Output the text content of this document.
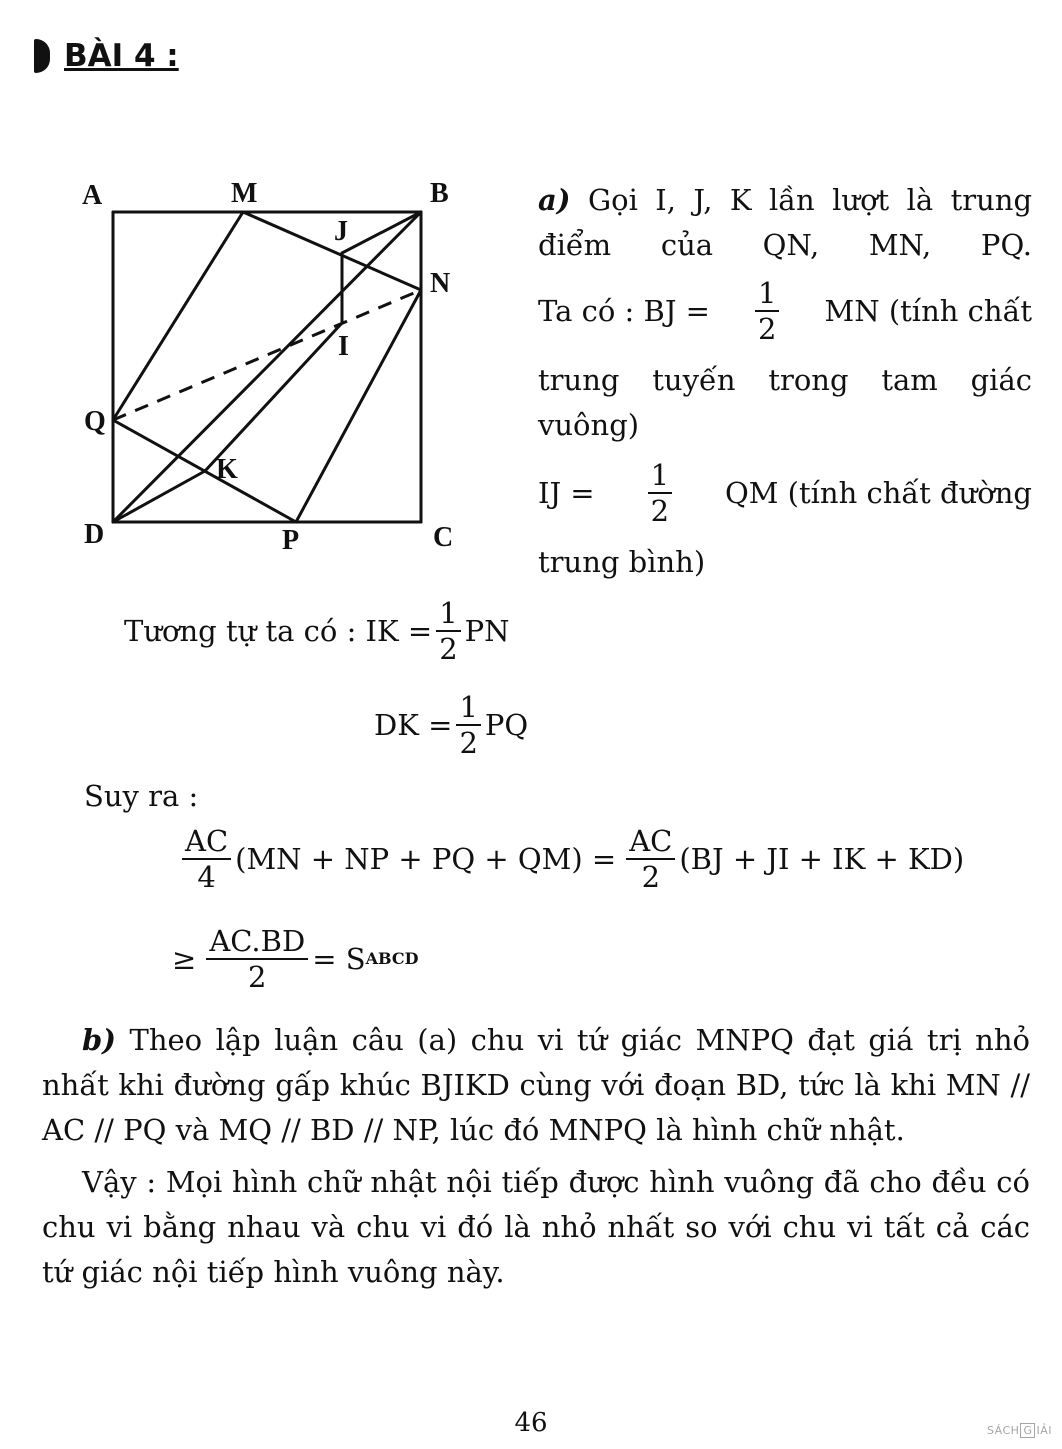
BÀI 4 :
A	M	B
J
N
I
Q
K
D	P	C
a) Gọi I, J, K lần lượt là trung điểm của QN, MN, PQ.
Ta có : BJ = $\frac{1}{2}$ MN (tính chất
trung tuyến trong tam giác vuông)
IJ = $\frac{1}{2}$ QM (tính chất đường
trung bình)
Tương tự ta có : IK = $\frac{1}{2}$ PN
DK = $\frac{1}{2}$ PQ
Suy ra :
$\frac{AC}{4} (MN$ + NP + PQ + $QM) = \frac{AC}{2} (BJ$ + JI + IK + KD)
≥ $\frac{AC.BD}{2} = S$ ABCD
b) Theo lập luận câu (a) chu vi tứ giác MNPQ đạt giá trị nhỏ nhất khi đường gấp khúc BJIKD cùng với đoạn BD, tức là khi MN // AC // PQ và MQ // BD // NP, lúc đó MNPQ là hình chữ nhật.
Vậy : Mọi hình chữ nhật nội tiếp được hình vuông đã cho đều có chu vi bằng nhau và chu vi đó là nhỏ nhất so với chu vi tất cả các tứ giác nội tiếp hình vuông này.
46	SÁCH G IẢI
